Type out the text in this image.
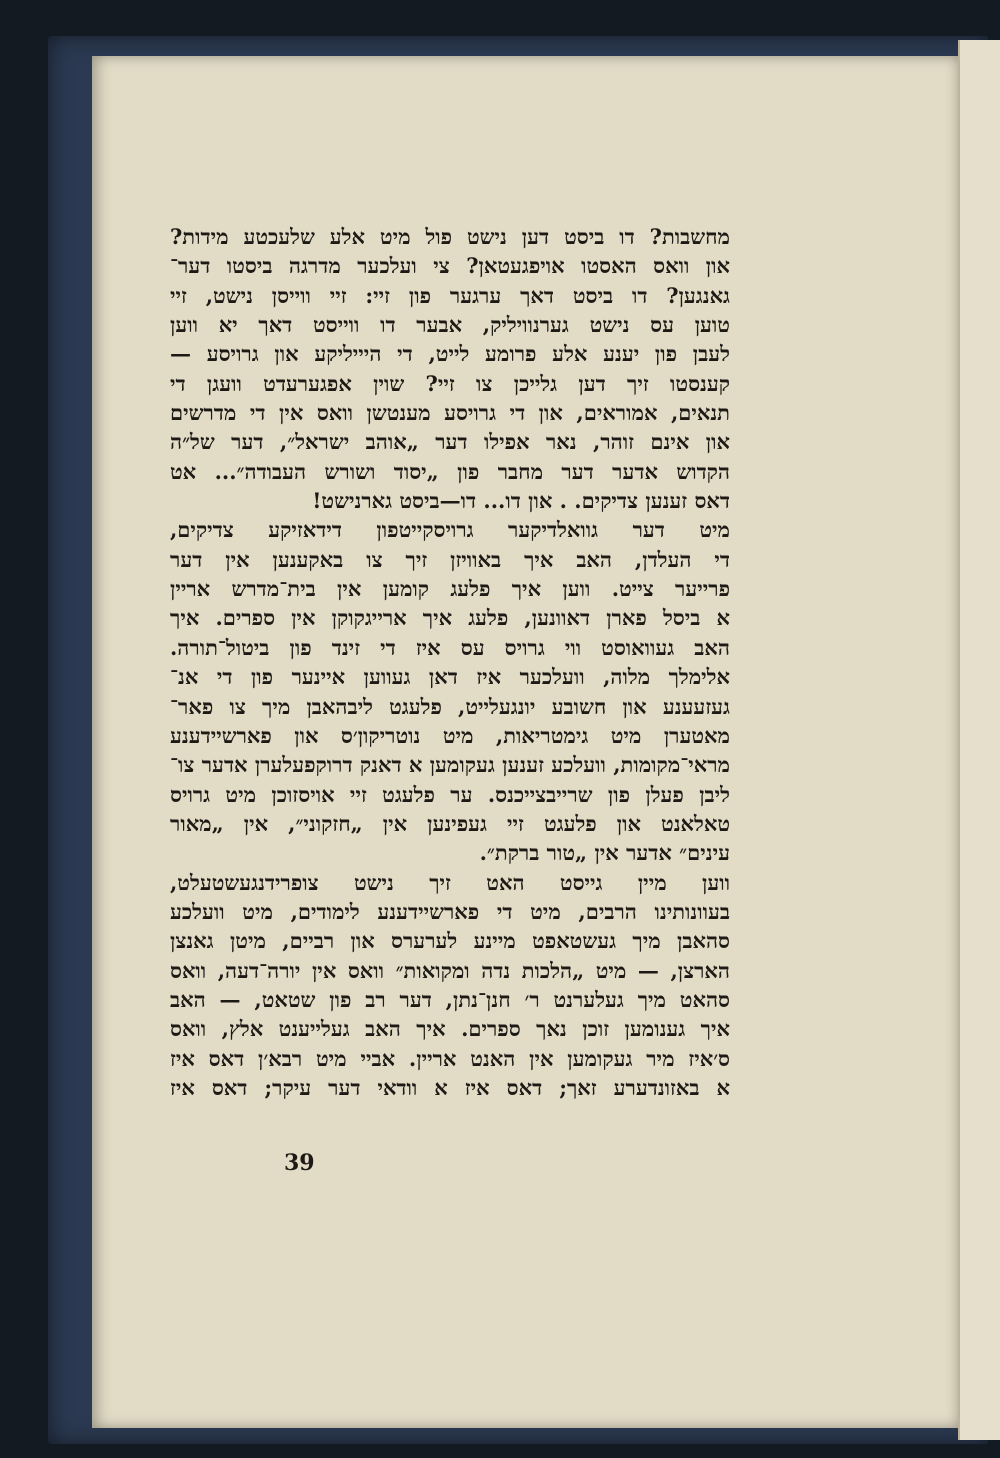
מחשבות? דו ביסט דען נישט פול מיט אלע שלעכטע מידות?
און וואס האסטו אויפגעטאן? צי ועלכער מדרגה ביסטו דער־
גאנגען? דו ביסט דאך ערגער פון זיי: זיי ווייסן נישט, זיי
טוען עס נישט גערנוויליק, אבער דו ווייסט דאך יא ווען
לעבן פון יענע אלע פרומע לייט, די היייליקע און גרויסע —
קענסטו זיך דען גלייכן צו זיי? שוין אפגערעדט וועגן די
תנאים, אמוראים, און די גרויסע מענטשן וואס אין די מדרשים
און אינם זוהר, נאר אפילו דער „אוהב ישראל״, דער של״ה
הקדוש אדער דער מחבר פון „יסוד ושורש העבודה״... אט
דאס זענען צדיקים. . און דו... דו—ביסט גארנישט!
מיט דער גוואלדיקער גרויסקייטפון דידאזיקע צדיקים,
די העלדן, האב איך באוויזן זיך צו באקענען אין דער
פרייער צייט. ווען איך פלעג קומען אין בית־מדרש אריין
א ביסל פארן דאוונען, פלעג איך ארייגקוקן אין ספרים. איך
האב געוואוסט ווי גרויס עס איז די זינד פון ביטול־תורה.
אלימלך מלוה, וועלכער איז דאן געווען איינער פון די אנ־
געזעענע און חשובע יונגעלייט, פלעגט ליבהאבן מיך צו פאר־
מאטערן מיט גימטריאות, מיט נוטריקון׳ס און פארשיידענע
מראי־מקומות, וועלכע זענען געקומען א דאנק דרוקפעלערן אדער צו־
ליבן פעלן פון שרייבצייכנס. ער פלעגט זיי אויסזוכן מיט גרויס
טאלאנט און פלעגט זיי געפינען אין „חזקוני״, אין „מאור
עינים״ אדער אין „טור ברקת״.
ווען מיין גייסט האט זיך נישט צופרידנגעשטעלט,
בעוונותינו הרבים, מיט די פארשיידענע לימודים, מיט וועלכע
סהאבן מיך געשטאפט מיינע לערערס און רביים, מיטן גאנצן
הארצן, — מיט „הלכות נדה ומקואות״ וואס אין יורה־דעה, וואס
סהאט מיך געלערנט ר׳ חנן־נתן, דער רב פון שטאט, — האב
איך גענומען זוכן נאך ספרים. איך האב געלייענט אלץ, וואס
ס׳איז מיר געקומען אין האנט אריין. אביי מיט רבא׳ן דאס איז
א באזונדערע זאך; דאס איז א וודאי דער עיקר; דאס איז
39
